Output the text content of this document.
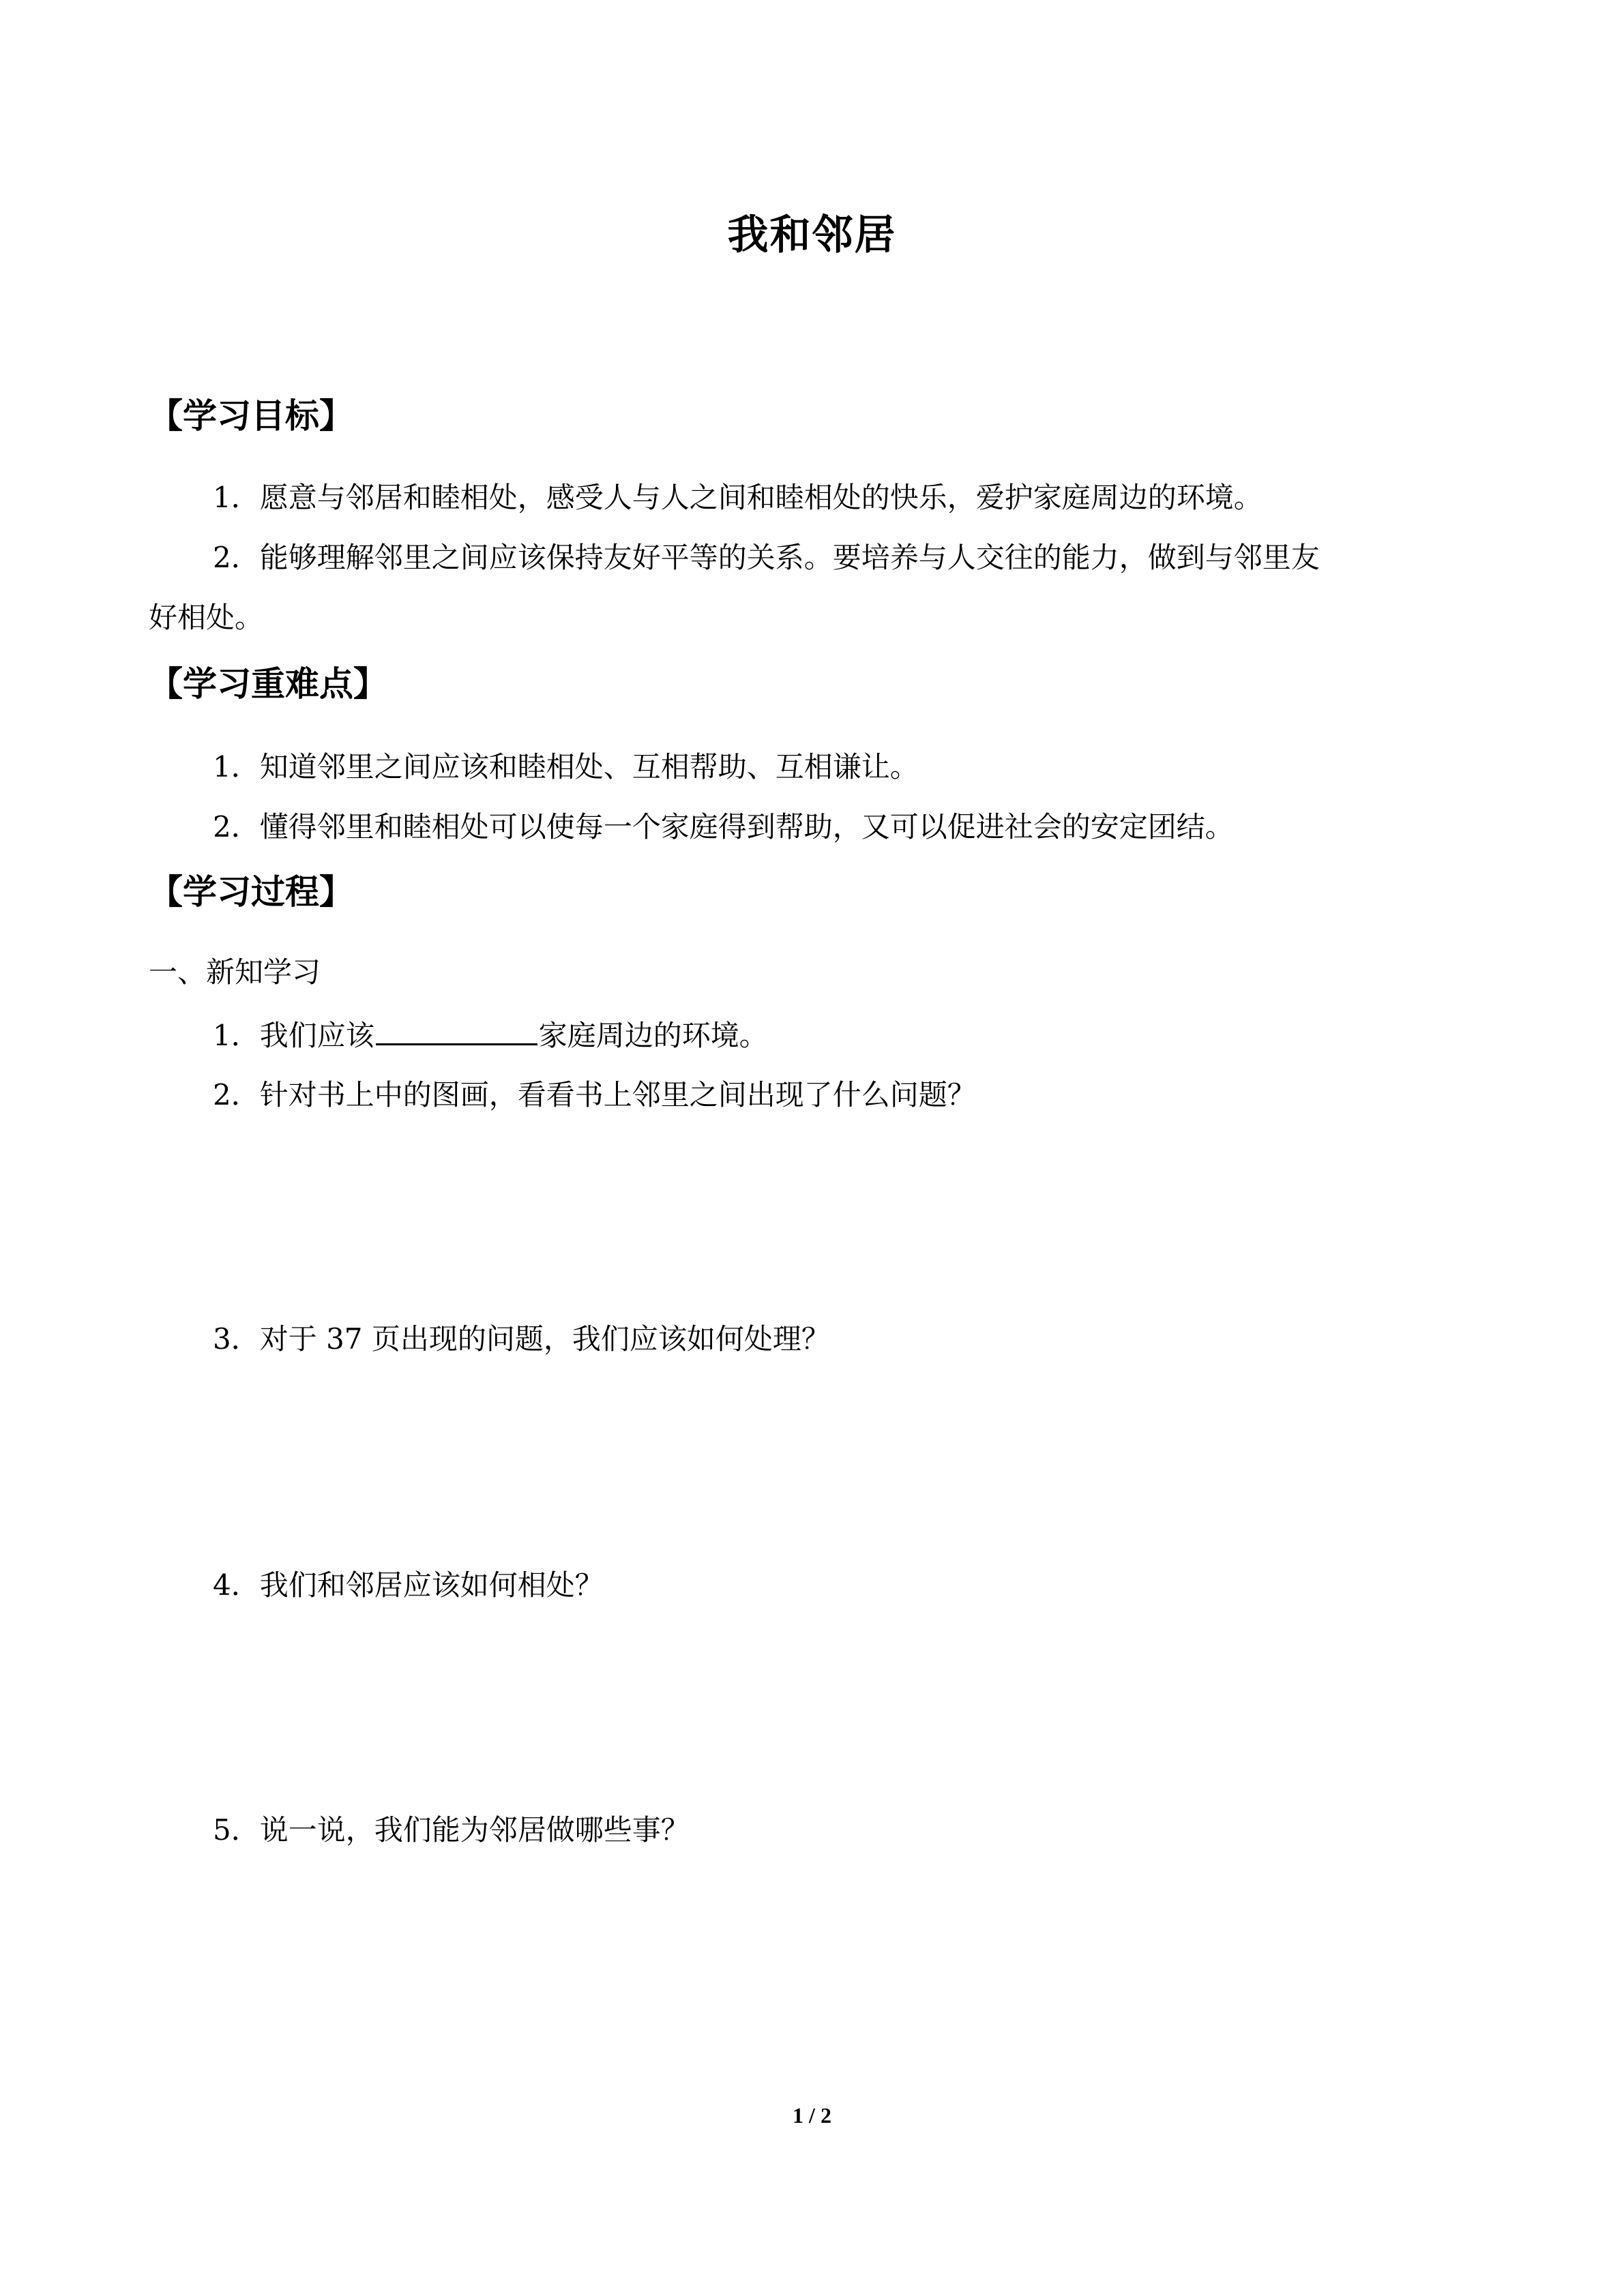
我和邻居
【学习目标】
1．愿意与邻居和睦相处，感受人与人之间和睦相处的快乐，爱护家庭周边的环境。
2．能够理解邻里之间应该保持友好平等的关系。要培养与人交往的能力，做到与邻里友
好相处。
【学习重难点】
1．知道邻里之间应该和睦相处、互相帮助、互相谦让。
2．懂得邻里和睦相处可以使每一个家庭得到帮助，又可以促进社会的安定团结。
【学习过程】
一、新知学习
1．我们应该	家庭周边的环境。
2．针对书上中的图画，看看书上邻里之间出现了什么问题？
3．对于 37 页出现的问题，我们应该如何处理？
4．我们和邻居应该如何相处？
5．说一说，我们能为邻居做哪些事？
1 / 2
